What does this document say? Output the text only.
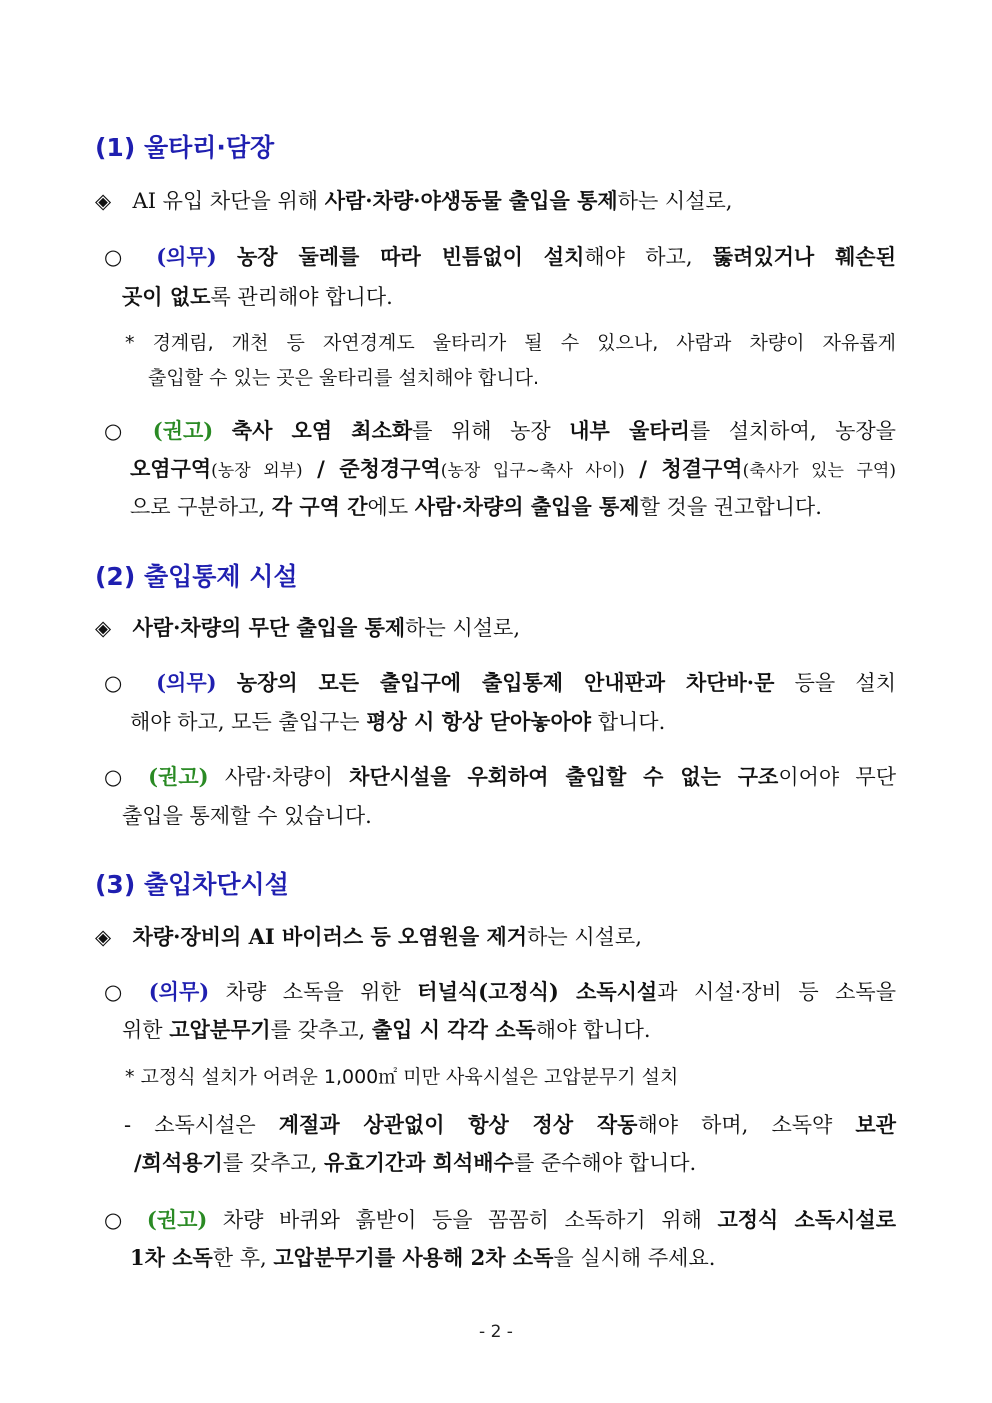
(1) 울타리·담장
◈ AI 유입 차단을 위해 사람·차량·야생동물 출입을 통제하는 시설로,
○ (의무) 농장 둘레를 따라 빈틈없이 설치해야 하고, 뚫려있거나 훼손된
곳이 없도록 관리해야 합니다.
* 경계림, 개천 등 자연경계도 울타리가 될 수 있으나, 사람과 차량이 자유롭게
출입할 수 있는 곳은 울타리를 설치해야 합니다.
○ (권고) 축사 오염 최소화를 위해 농장 내부 울타리를 설치하여, 농장을
오염구역(농장 외부) / 준청경구역(농장 입구~축사 사이) / 청결구역(축사가 있는 구역)
으로 구분하고, 각 구역 간에도 사람·차량의 출입을 통제할 것을 권고합니다.
(2) 출입통제 시설
◈ 사람·차량의 무단 출입을 통제하는 시설로,
○ (의무) 농장의 모든 출입구에 출입통제 안내판과 차단바·문 등을 설치
해야 하고, 모든 출입구는 평상 시 항상 닫아놓아야 합니다.
○ (권고) 사람·차량이 차단시설을 우회하여 출입할 수 없는 구조이어야 무단
출입을 통제할 수 있습니다.
(3) 출입차단시설
◈ 차량·장비의 AI 바이러스 등 오염원을 제거하는 시설로,
○ (의무) 차량 소독을 위한 터널식(고정식) 소독시설과 시설·장비 등 소독을
위한 고압분무기를 갖추고, 출입 시 각각 소독해야 합니다.
* 고정식 설치가 어려운 1,000㎡ 미만 사육시설은 고압분무기 설치
- 소독시설은 계절과 상관없이 항상 정상 작동해야 하며, 소독약 보관
/희석용기를 갖추고, 유효기간과 희석배수를 준수해야 합니다.
○ (권고) 차량 바퀴와 흙받이 등을 꼼꼼히 소독하기 위해 고정식 소독시설로
1차 소독한 후, 고압분무기를 사용해 2차 소독을 실시해 주세요.
- 2 -
